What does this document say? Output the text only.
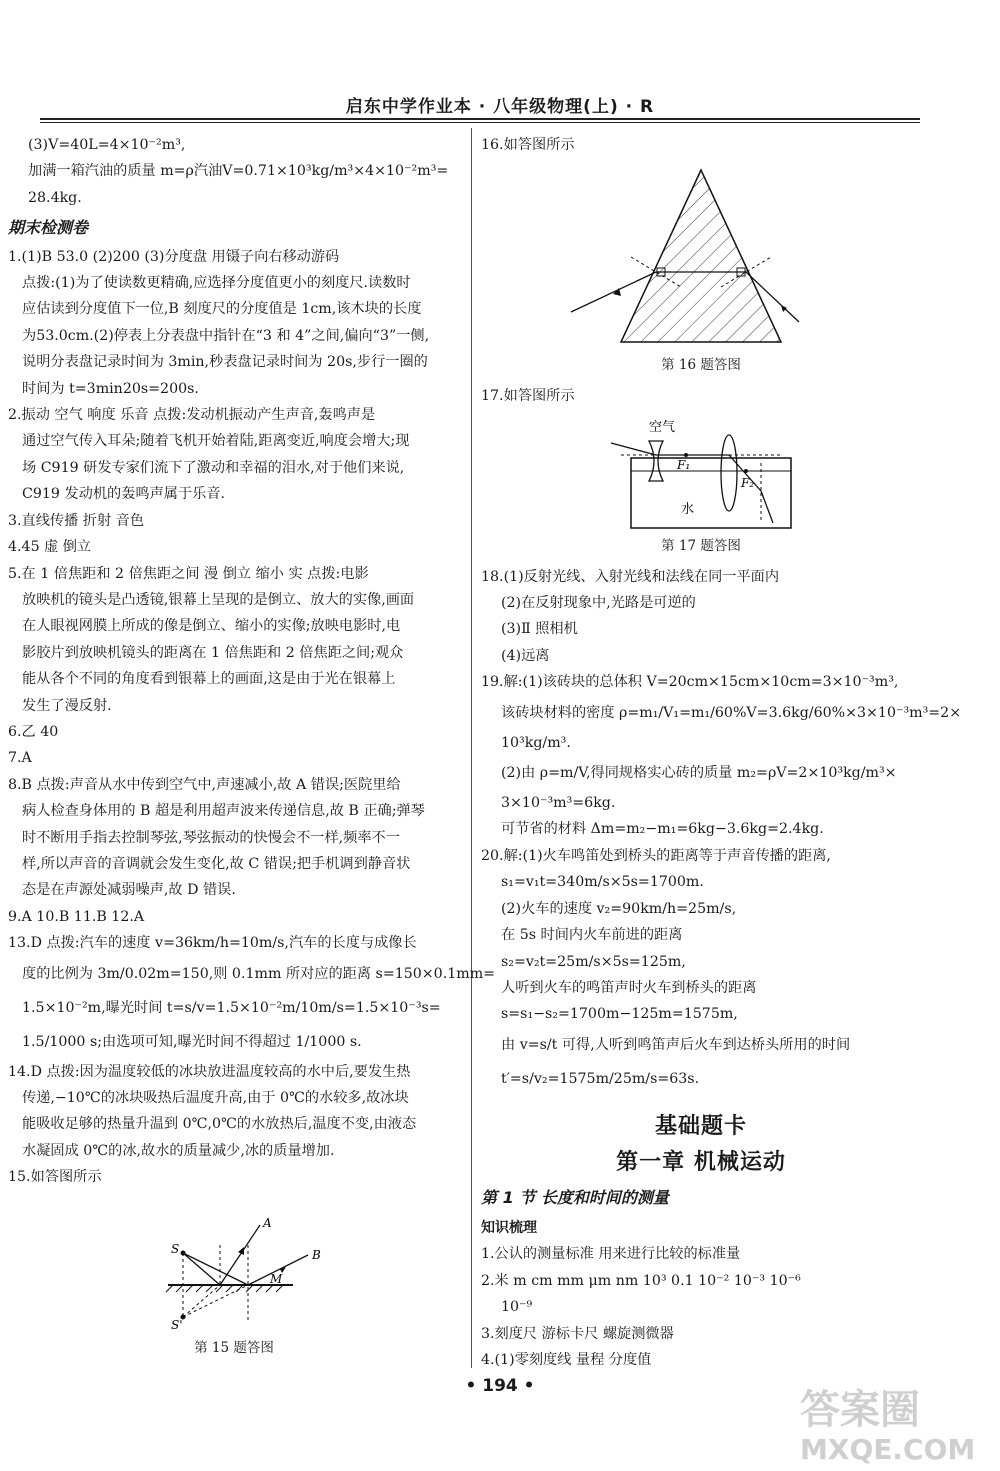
启东中学作业本 · 八年级物理(上) · R

(3)V=40L=4×10⁻²m³,

加满一箱汽油的质量 m=ρ汽油V=0.71×10³kg/m³×4×10⁻²m³=

28.4kg.

期末检测卷

1.(1)B 53.0 (2)200 (3)分度盘 用镊子向右移动游码

点拨:(1)为了使读数更精确,应选择分度值更小的刻度尺.读数时

应估读到分度值下一位,B 刻度尺的分度值是 1cm,该木块的长度

为53.0cm.(2)停表上分表盘中指针在“3 和 4”之间,偏向“3”一侧,

说明分表盘记录时间为 3min,秒表盘记录时间为 20s,步行一圈的

时间为 t=3min20s=200s.

2.振动 空气 响度 乐音 点拨:发动机振动产生声音,轰鸣声是

通过空气传入耳朵;随着飞机开始着陆,距离变近,响度会增大;现

场 C919 研发专家们流下了激动和幸福的泪水,对于他们来说,

C919 发动机的轰鸣声属于乐音.

3.直线传播 折射 音色

4.45 虚 倒立

5.在 1 倍焦距和 2 倍焦距之间 漫 倒立 缩小 实 点拨:电影

放映机的镜头是凸透镜,银幕上呈现的是倒立、放大的实像,画面

在人眼视网膜上所成的像是倒立、缩小的实像;放映电影时,电

影胶片到放映机镜头的距离在 1 倍焦距和 2 倍焦距之间;观众

能从各个不同的角度看到银幕上的画面,这是由于光在银幕上

发生了漫反射.

6.乙 40

7.A

8.B 点拨:声音从水中传到空气中,声速减小,故 A 错误;医院里给

病人检查身体用的 B 超是利用超声波来传递信息,故 B 正确;弹琴

时不断用手指去控制琴弦,琴弦振动的快慢会不一样,频率不一

样,所以声音的音调就会发生变化,故 C 错误;把手机调到静音状

态是在声源处减弱噪声,故 D 错误.

9.A 10.B 11.B 12.A

13.D 点拨:汽车的速度 v=36km/h=10m/s,汽车的长度与成像长

度的比例为 3m/0.02m=150,则 0.1mm 所对应的距离 s=150×0.1mm=

1.5×10⁻²m,曝光时间 t=s/v=1.5×10⁻²m/10m/s=1.5×10⁻³s=

1.5/1000 s;由选项可知,曝光时间不得超过 1/1000 s.

14.D 点拨:因为温度较低的冰块放进温度较高的水中后,要发生热

传递,−10℃的冰块吸热后温度升高,由于 0℃的水较多,故冰块

能吸收足够的热量升温到 0℃,0℃的水放热后,温度不变,由液态

水凝固成 0℃的冰,故水的质量减少,冰的质量增加.

15.如答图所示

S
A
B
M
S'

第 15 题答图

16.如答图所示

第 16 题答图

17.如答图所示

空气
F₁
F₂
水

第 17 题答图

18.(1)反射光线、入射光线和法线在同一平面内

(2)在反射现象中,光路是可逆的

(3)Ⅱ 照相机

(4)远离

19.解:(1)该砖块的总体积 V=20cm×15cm×10cm=3×10⁻³m³,

该砖块材料的密度 ρ=m₁/V₁=m₁/60%V=3.6kg/60%×3×10⁻³m³=2×

10³kg/m³.

(2)由 ρ=m/V,得同规格实心砖的质量 m₂=ρV=2×10³kg/m³×

3×10⁻³m³=6kg.

可节省的材料 Δm=m₂−m₁=6kg−3.6kg=2.4kg.

20.解:(1)火车鸣笛处到桥头的距离等于声音传播的距离,

s₁=v₁t=340m/s×5s=1700m.

(2)火车的速度 v₂=90km/h=25m/s,

在 5s 时间内火车前进的距离

s₂=v₂t=25m/s×5s=125m,

人听到火车的鸣笛声时火车到桥头的距离

s=s₁−s₂=1700m−125m=1575m,

由 v=s/t 可得,人听到鸣笛声后火车到达桥头所用的时间

t′=s/v₂=1575m/25m/s=63s.

基础题卡

第一章 机械运动

第 1 节 长度和时间的测量

知识梳理

1.公认的测量标准 用来进行比较的标准量

2.米 m cm mm μm nm 10³ 0.1 10⁻² 10⁻³ 10⁻⁶

10⁻⁹

3.刻度尺 游标卡尺 螺旋测微器

4.(1)零刻度线 量程 分度值

• 194 •
答案圈
MXQE.COM
